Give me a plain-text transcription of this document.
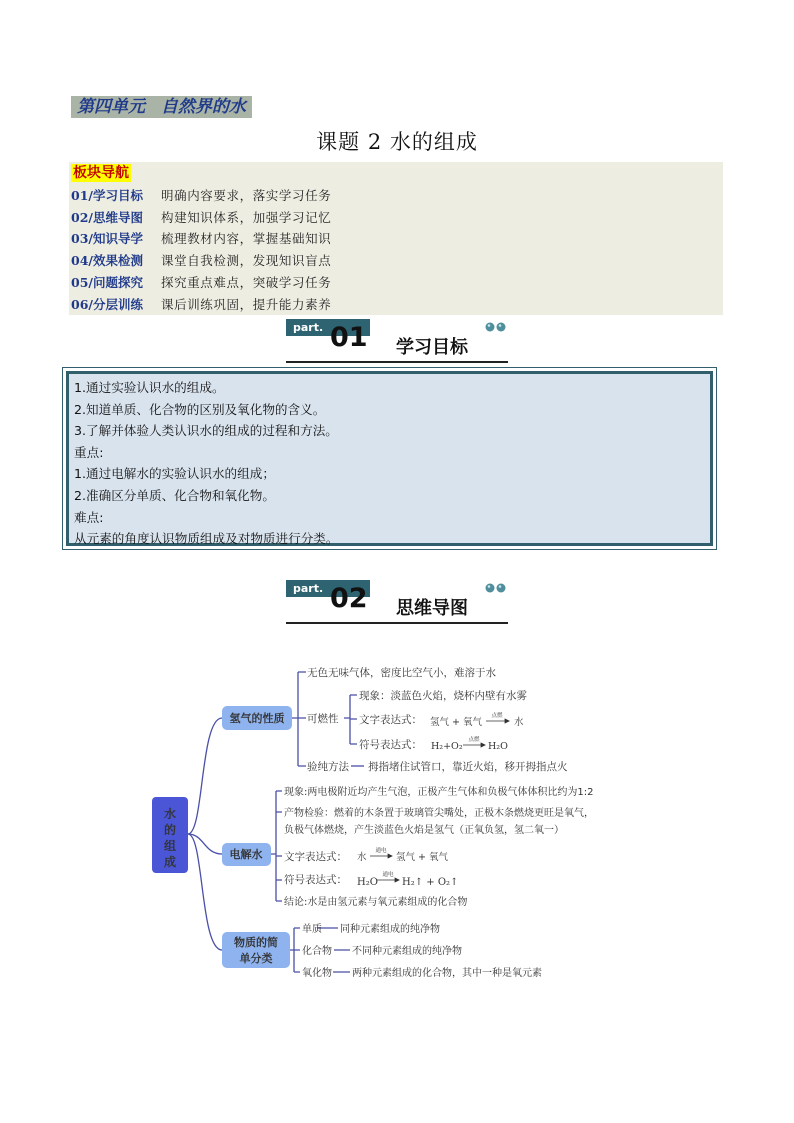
第四单元 自然界的水
课题 2 水的组成
板块导航
01/学习目标	明确内容要求，落实学习任务
02/思维导图	构建知识体系，加强学习记忆
03/知识导学	梳理教材内容，掌握基础知识
04/效果检测	课堂自我检测，发现知识盲点
05/问题探究	探究重点难点，突破学习任务
06/分层训练	课后训练巩固，提升能力素养
part. 01 学习目标
1.通过实验认识水的组成。
2.知道单质、化合物的区别及氧化物的含义。
3.了解并体验人类认识水的组成的过程和方法。
重点:
1.通过电解水的实验认识水的组成；
2.准确区分单质、化合物和氧化物。
难点:
从元素的角度认识物质组成及对物质进行分类。
part. 02 思维导图
水
的
组
成
氢气的性质
电解水
物质的简
单分类
无色无味气体，密度比空气小，难溶于水
可燃性
现象：淡蓝色火焰，烧杯内壁有水雾
文字表达式： 氢气 + 氧气
点燃
水
符号表达式： H₂+O₂
点燃
H₂O
验纯方法 拇指堵住试管口，靠近火焰，移开拇指点火
现象:两电极附近均产生气泡，正极产生气体和负极气体体积比约为1:2
产物检验：燃着的木条置于玻璃管尖嘴处，正极木条燃烧更旺是氧气，
负极气体燃烧，产生淡蓝色火焰是氢气（正氧负氢，氢二氧一）
文字表达式： 水
通电
氢气 + 氧气
符号表达式： H₂O
通电
H₂↑ + O₂↑
结论:水是由氢元素与氧元素组成的化合物
单质 同种元素组成的纯净物
化合物 不同种元素组成的纯净物
氧化物 两种元素组成的化合物，其中一种是氧元素
